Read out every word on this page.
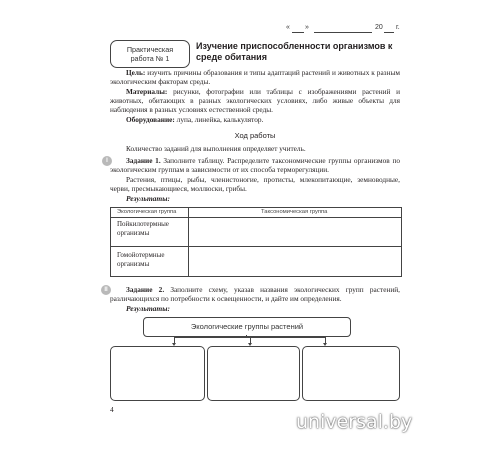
« »	20 г.
Практическая
работа № 1
Изучение приспособленности организмов к среде обитания
Цель: изучить причины образования и типы адаптаций растений и животных к разным экологическим факторам среды.
Материалы: рисунки, фотографии или таблицы с изображениями растений и животных, обитающих в разных экологических условиях, либо живые объекты для наблюдения в разных условиях естественной среды.
Оборудование: лупа, линейка, калькулятор.
Ход работы
Количество заданий для выполнения определяет учитель.
I	Задание 1. Заполните таблицу. Распределите таксономические группы организмов по экологическим группам в зависимости от их способа терморегуляции.
Растения, птицы, рыбы, членистоногие, протисты, млекопитающие, земноводные, черви, пресмыкающиеся, моллюски, грибы.
Результаты:
Экологическая группа	Таксономическая группа
Пойкилотермные организмы
Гомойотермные организмы
II	Задание 2. Заполните схему, указав названия экологических групп растений, различающихся по потребности к освещенности, и дайте им определения.
Результаты:
Экологические группы растений
4
universal.by
